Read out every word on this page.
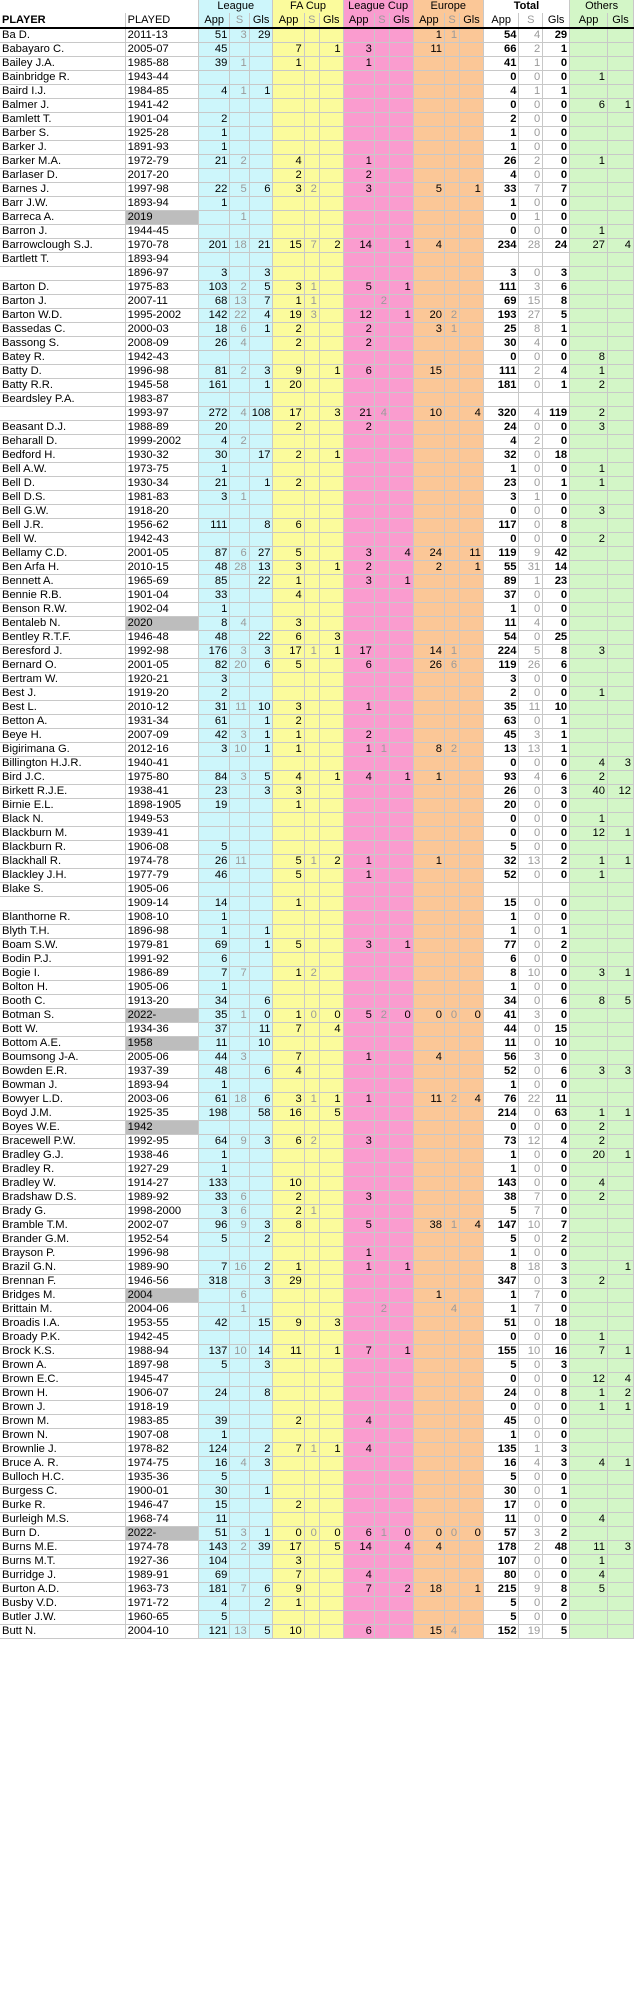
		League			FA Cup			League Cup			Europe			Total			Others	
PLAYER	PLAYED	App	S	Gls	App	S	Gls	App	S	Gls	App	S	Gls	App	S	Gls	App	Gls
Ba D.	2011-13	51	3	29							1	1		54	4	29		
Babayaro C.	2005-07	45			7		1	3			11			66	2	1		
Bailey J.A.	1985-88	39	1		1			1						41	1	0		
Bainbridge R.	1943-44													0	0	0	1	
Baird I.J.	1984-85	4	1	1										4	1	1		
Balmer J.	1941-42													0	0	0	6	1
Bamlett T.	1901-04	2												2	0	0		
Barber S.	1925-28	1												1	0	0		
Barker J.	1891-93	1												1	0	0		
Barker M.A.	1972-79	21	2		4			1						26	2	0	1	
Barlaser D.	2017-20				2			2						4	0	0		
Barnes J.	1997-98	22	5	6	3	2		3			5		1	33	7	7		
Barr J.W.	1893-94	1												1	0	0		
Barreca A.	2019		1											0	1	0		
Barron J.	1944-45													0	0	0	1	
Barrowclough S.J.	1970-78	201	18	21	15	7	2	14		1	4			234	28	24	27	4
Bartlett T.	1893-94																	
	1896-97	3		3										3	0	3		
Barton D.	1975-83	103	2	5	3	1		5		1				111	3	6		
Barton J.	2007-11	68	13	7	1	1			2					69	15	8		
Barton W.D.	1995-2002	142	22	4	19	3		12		1	20	2		193	27	5		
Bassedas C.	2000-03	18	6	1	2			2			3	1		25	8	1		
Bassong S.	2008-09	26	4		2			2						30	4	0		
Batey R.	1942-43													0	0	0	8	
Batty D.	1996-98	81	2	3	9		1	6			15			111	2	4	1	
Batty R.R.	1945-58	161		1	20									181	0	1	2	
Beardsley P.A.	1983-87																	
	1993-97	272	4	108	17		3	21	4		10		4	320	4	119	2	
Beasant D.J.	1988-89	20			2			2						24	0	0	3	
Beharall D.	1999-2002	4	2											4	2	0		
Bedford H.	1930-32	30		17	2		1							32	0	18		
Bell A.W.	1973-75	1												1	0	0	1	
Bell D.	1930-34	21		1	2									23	0	1	1	
Bell D.S.	1981-83	3	1											3	1	0		
Bell G.W.	1918-20													0	0	0	3	
Bell J.R.	1956-62	111		8	6									117	0	8		
Bell W.	1942-43													0	0	0	2	
Bellamy C.D.	2001-05	87	6	27	5			3		4	24		11	119	9	42		
Ben Arfa H.	2010-15	48	28	13	3		1	2			2		1	55	31	14		
Bennett A.	1965-69	85		22	1			3		1				89	1	23		
Bennie R.B.	1901-04	33			4									37	0	0		
Benson R.W.	1902-04	1												1	0	0		
Bentaleb N.	2020	8	4		3									11	4	0		
Bentley R.T.F.	1946-48	48		22	6		3							54	0	25		
Beresford J.	1992-98	176	3	3	17	1	1	17			14	1		224	5	8	3	
Bernard O.	2001-05	82	20	6	5			6			26	6		119	26	6		
Bertram W.	1920-21	3												3	0	0		
Best J.	1919-20	2												2	0	0	1	
Best L.	2010-12	31	11	10	3			1						35	11	10		
Betton A.	1931-34	61		1	2									63	0	1		
Beye H.	2007-09	42	3	1	1			2						45	3	1		
Bigirimana G.	2012-16	3	10	1	1			1	1		8	2		13	13	1		
Billington H.J.R.	1940-41													0	0	0	4	3
Bird J.C.	1975-80	84	3	5	4		1	4		1	1			93	4	6	2	
Birkett R.J.E.	1938-41	23		3	3									26	0	3	40	12
Birnie E.L.	1898-1905	19			1									20	0	0		
Black N.	1949-53													0	0	0	1	
Blackburn M.	1939-41													0	0	0	12	1
Blackburn R.	1906-08	5												5	0	0		
Blackhall R.	1974-78	26	11		5	1	2	1			1			32	13	2	1	1
Blackley J.H.	1977-79	46			5			1						52	0	0	1	
Blake S.	1905-06																	
	1909-14	14			1									15	0	0		
Blanthorne R.	1908-10	1												1	0	0		
Blyth T.H.	1896-98	1		1										1	0	1		
Boam S.W.	1979-81	69		1	5			3		1				77	0	2		
Bodin P.J.	1991-92	6												6	0	0		
Bogie I.	1986-89	7	7		1	2								8	10	0	3	1
Bolton H.	1905-06	1												1	0	0		
Booth C.	1913-20	34		6										34	0	6	8	5
Botman S.	2022-	35	1	0	1	0	0	5	2	0	0	0	0	41	3	0		
Bott W.	1934-36	37		11	7		4							44	0	15		
Bottom A.E.	1958	11		10										11	0	10		
Boumsong J-A.	2005-06	44	3		7			1			4			56	3	0		
Bowden E.R.	1937-39	48		6	4									52	0	6	3	3
Bowman J.	1893-94	1												1	0	0		
Bowyer L.D.	2003-06	61	18	6	3	1	1	1			11	2	4	76	22	11		
Boyd J.M.	1925-35	198		58	16		5							214	0	63	1	1
Boyes W.E.	1942													0	0	0	2	
Bracewell P.W.	1992-95	64	9	3	6	2		3						73	12	4	2	
Bradley G.J.	1938-46	1												1	0	0	20	1
Bradley R.	1927-29	1												1	0	0		
Bradley W.	1914-27	133			10									143	0	0	4	
Bradshaw D.S.	1989-92	33	6		2			3						38	7	0	2	
Brady G.	1998-2000	3	6		2	1								5	7	0		
Bramble T.M.	2002-07	96	9	3	8			5			38	1	4	147	10	7		
Brander G.M.	1952-54	5		2										5	0	2		
Brayson P.	1996-98							1						1	0	0		
Brazil G.N.	1989-90	7	16	2	1			1		1				8	18	3		1
Brennan F.	1946-56	318		3	29									347	0	3	2	
Bridges M.	2004		6								1			1	7	0		
Brittain M.	2004-06		1						2			4		1	7	0		
Broadis I.A.	1953-55	42		15	9		3							51	0	18		
Broady P.K.	1942-45													0	0	0	1	
Brock K.S.	1988-94	137	10	14	11		1	7		1				155	10	16	7	1
Brown A.	1897-98	5		3										5	0	3		
Brown E.C.	1945-47													0	0	0	12	4
Brown H.	1906-07	24		8										24	0	8	1	2
Brown J.	1918-19													0	0	0	1	1
Brown M.	1983-85	39			2			4						45	0	0		
Brown N.	1907-08	1												1	0	0		
Brownlie J.	1978-82	124		2	7	1	1	4						135	1	3		
Bruce A. R.	1974-75	16	4	3										16	4	3	4	1
Bulloch H.C.	1935-36	5												5	0	0		
Burgess C.	1900-01	30		1										30	0	1		
Burke R.	1946-47	15			2									17	0	0		
Burleigh M.S.	1968-74	11												11	0	0	4	
Burn D.	2022-	51	3	1	0	0	0	6	1	0	0	0	0	57	3	2		
Burns M.E.	1974-78	143	2	39	17		5	14		4	4			178	2	48	11	3
Burns M.T.	1927-36	104			3									107	0	0	1	
Burridge J.	1989-91	69			7			4						80	0	0	4	
Burton A.D.	1963-73	181	7	6	9			7		2	18		1	215	9	8	5	
Busby V.D.	1971-72	4		2	1									5	0	2		
Butler J.W.	1960-65	5												5	0	0		
Butt N.	2004-10	121	13	5	10			6			15	4		152	19	5		
